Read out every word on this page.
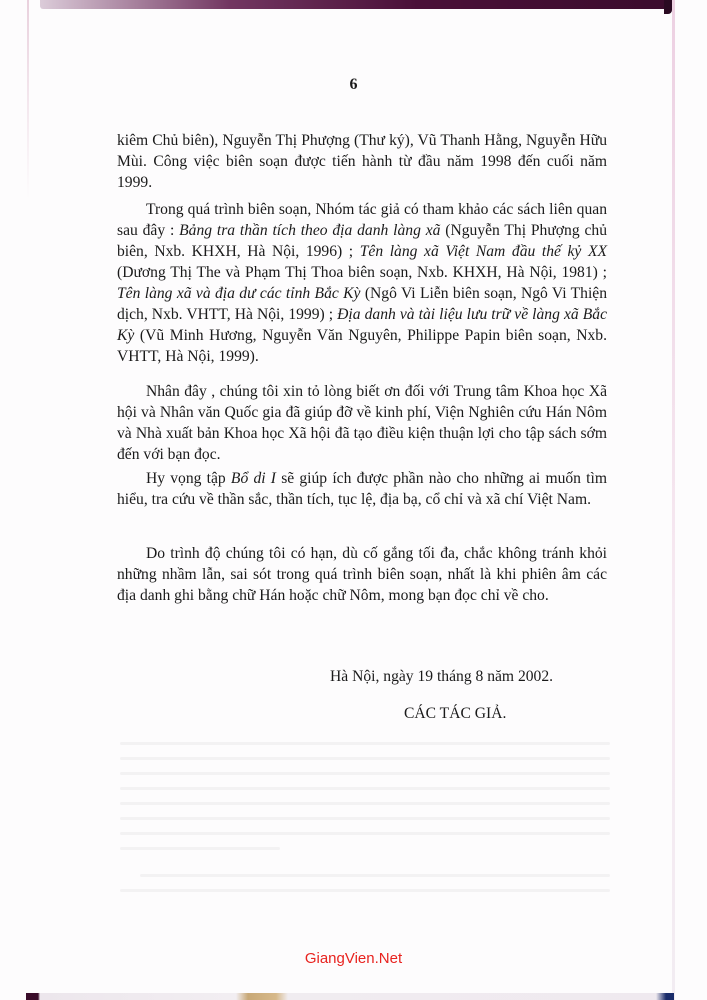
6

kiêm Chủ biên), Nguyễn Thị Phượng (Thư ký), Vũ Thanh Hằng, Nguyễn Hữu Mùi. Công việc biên soạn được tiến hành từ đầu năm 1998 đến cuối năm 1999.

Trong quá trình biên soạn, Nhóm tác giả có tham khảo các sách liên quan sau đây : Bảng tra thần tích theo địa danh làng xã (Nguyễn Thị Phượng chủ biên, Nxb. KHXH, Hà Nội, 1996) ; Tên làng xã Việt Nam đầu thế kỷ XX (Dương Thị The và Phạm Thị Thoa biên soạn, Nxb. KHXH, Hà Nội, 1981) ; Tên làng xã và địa dư các tỉnh Bắc Kỳ (Ngô Vi Liễn biên soạn, Ngô Vi Thiện dịch, Nxb. VHTT, Hà Nội, 1999) ; Địa danh và tài liệu lưu trữ về làng xã Bắc Kỳ (Vũ Minh Hương, Nguyễn Văn Nguyên, Philippe Papin biên soạn, Nxb. VHTT, Hà Nội, 1999).

Nhân đây , chúng tôi xin tỏ lòng biết ơn đối với Trung tâm Khoa học Xã hội và Nhân văn Quốc gia đã giúp đỡ về kinh phí, Viện Nghiên cứu Hán Nôm và Nhà xuất bản Khoa học Xã hội đã tạo điều kiện thuận lợi cho tập sách sớm đến với bạn đọc.

Hy vọng tập Bổ di I sẽ giúp ích được phần nào cho những ai muốn tìm hiểu, tra cứu về thần sắc, thần tích, tục lệ, địa bạ, cổ chỉ và xã chí Việt Nam.

Do trình độ chúng tôi có hạn, dù cố gắng tối đa, chắc không tránh khỏi những nhầm lẫn, sai sót trong quá trình biên soạn, nhất là khi phiên âm các địa danh ghi bằng chữ Hán hoặc chữ Nôm, mong bạn đọc chỉ về cho.

Hà Nội, ngày 19 tháng 8 năm 2002.
CÁC TÁC GIẢ.
GiangVien.Net
